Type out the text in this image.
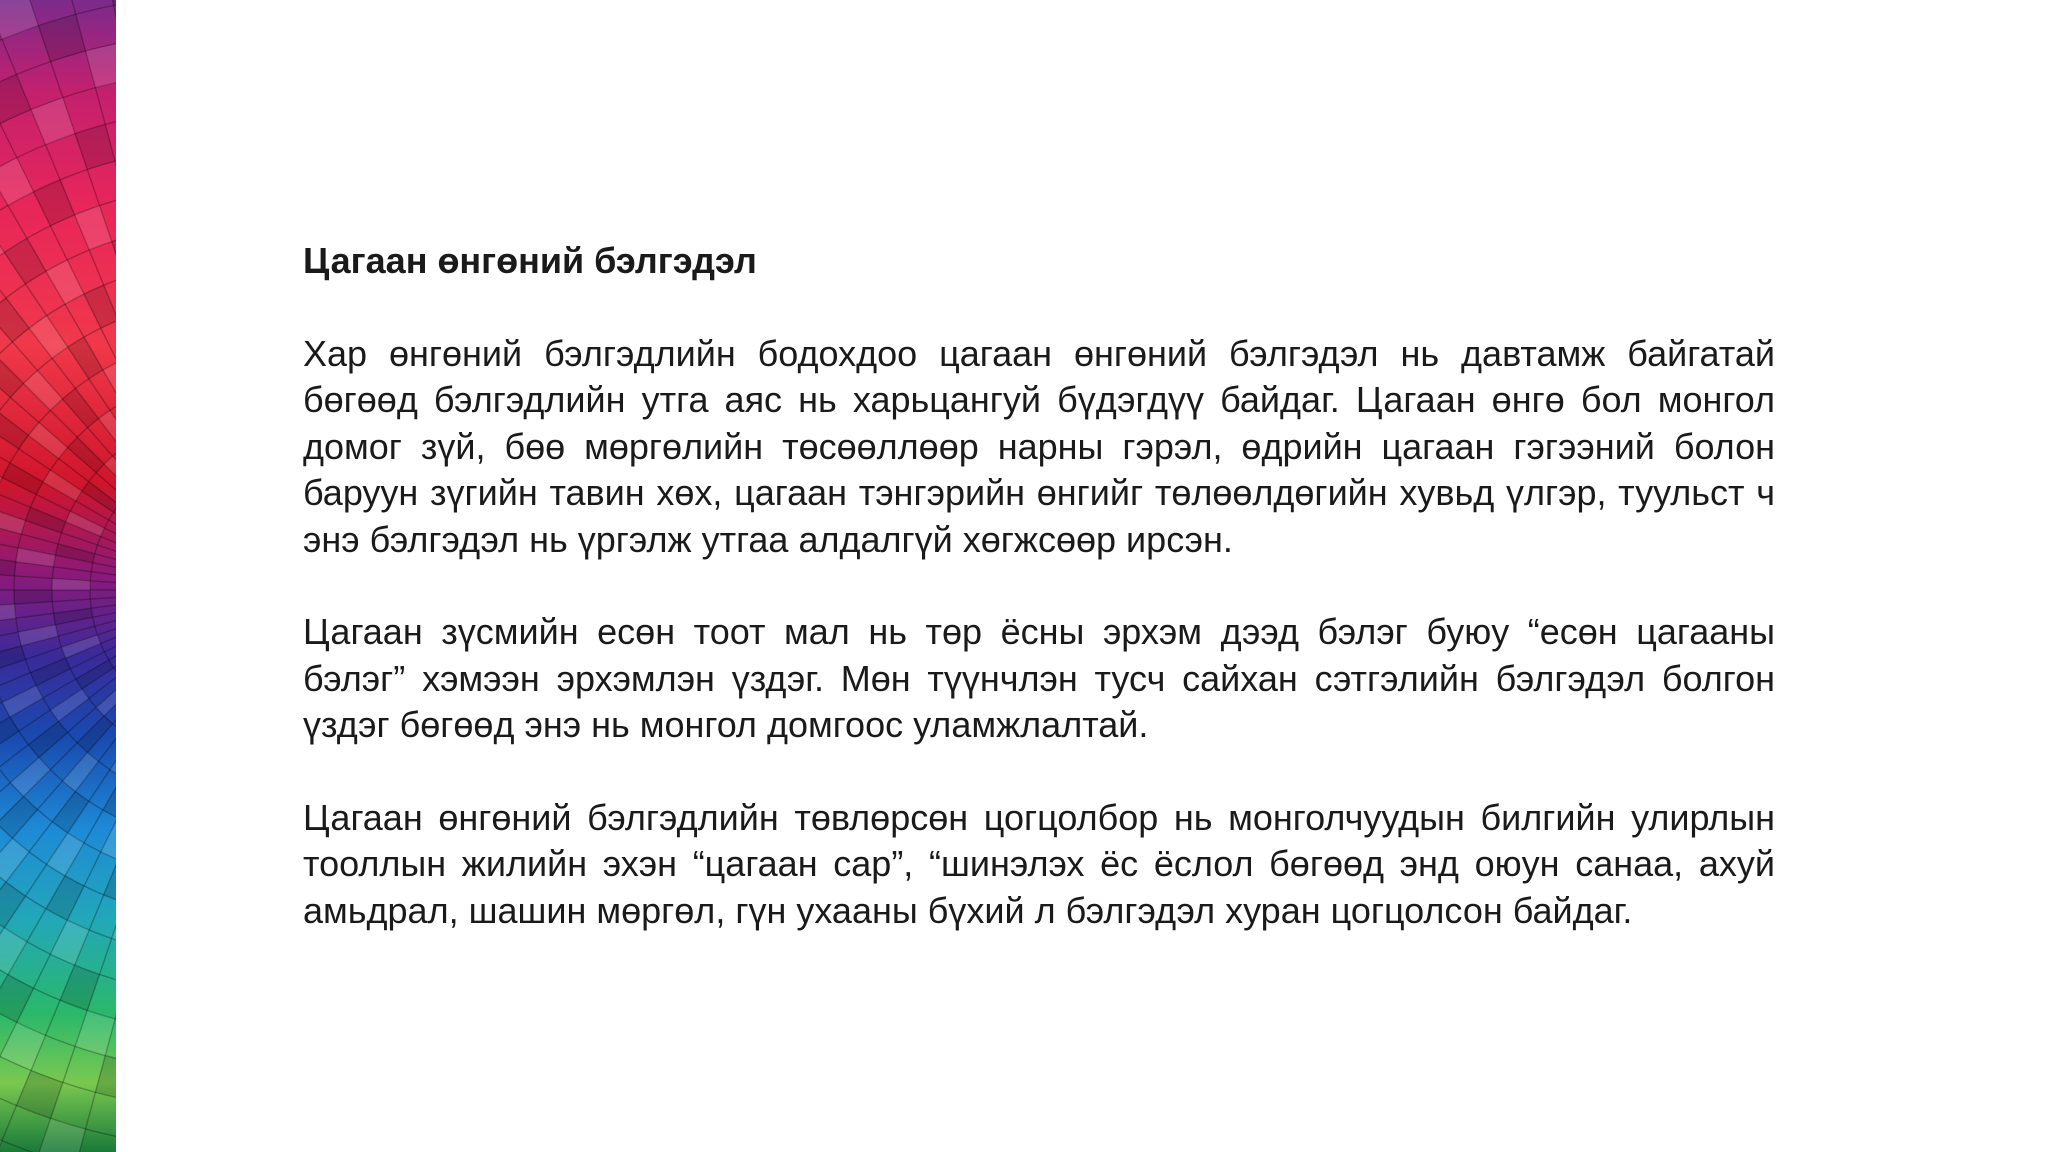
Цагаан өнгөний бэлгэдэл
Хар өнгөний бэлгэдлийн бодохдоо цагаан өнгөний бэлгэдэл нь давтамж байгатай бөгөөд бэлгэдлийн утга аяс нь харьцангуй бүдэгдүү байдаг. Цагаан өнгө бол монгол домог зүй, бөө мөргөлийн төсөөллөөр нарны гэрэл, өдрийн цагаан гэгээний болон баруун зүгийн тавин хөх, цагаан тэнгэрийн өнгийг төлөөлдөгийн хувьд үлгэр, туульст ч энэ бэлгэдэл нь үргэлж утгаа алдалгүй хөгжсөөр ирсэн.
Цагаан зүсмийн есөн тоот мал нь төр ёсны эрхэм дээд бэлэг буюу “есөн цагааны бэлэг” хэмээн эрхэмлэн үздэг. Мөн түүнчлэн тусч сайхан сэтгэлийн бэлгэдэл болгон үздэг бөгөөд энэ нь монгол домгоос уламжлалтай.
Цагаан өнгөний бэлгэдлийн төвлөрсөн цогцолбор нь монголчуудын билгийн улирлын тооллын жилийн эхэн “цагаан сар”, “шинэлэх ёс ёслол бөгөөд энд оюун санаа, ахуй амьдрал, шашин мөргөл, гүн ухааны бүхий л бэлгэдэл хуран цогцолсон байдаг.
